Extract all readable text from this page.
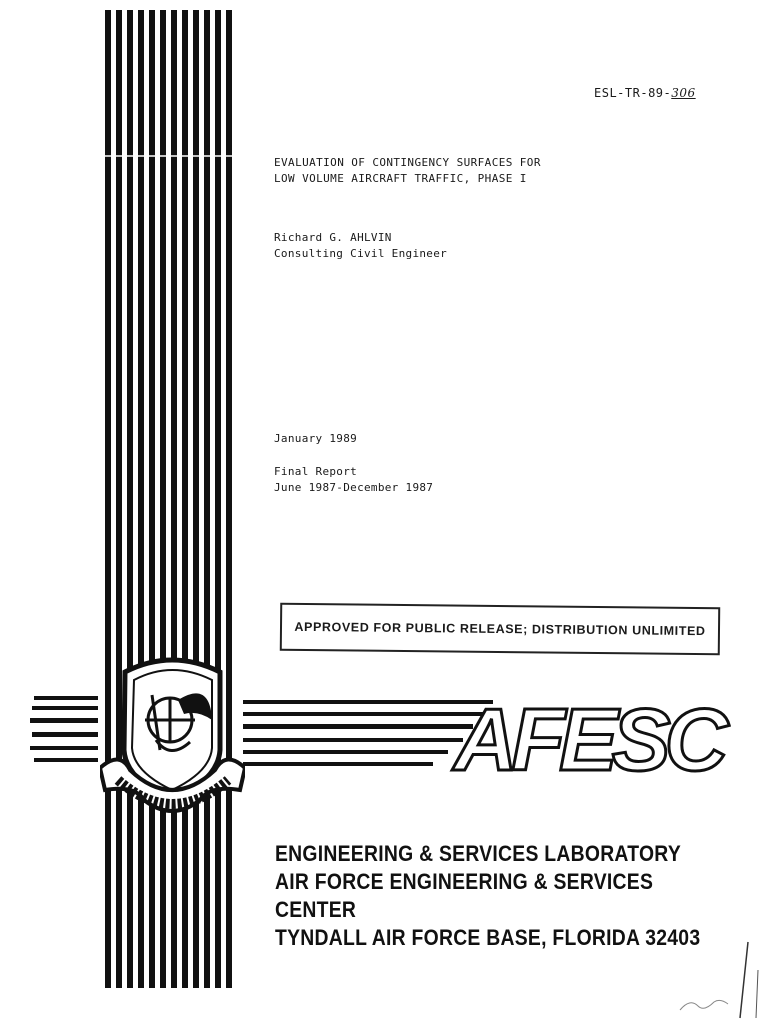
AFESC
ESL-TR-89-306
EVALUATION OF CONTINGENCY SURFACES FOR
LOW VOLUME AIRCRAFT TRAFFIC, PHASE I
Richard G. AHLVIN
Consulting Civil Engineer
January 1989
Final Report
June 1987-December 1987
APPROVED FOR PUBLIC RELEASE; DISTRIBUTION UNLIMITED
ENGINEERING & SERVICES LABORATORY
AIR FORCE ENGINEERING & SERVICES CENTER
TYNDALL AIR FORCE BASE, FLORIDA 32403
